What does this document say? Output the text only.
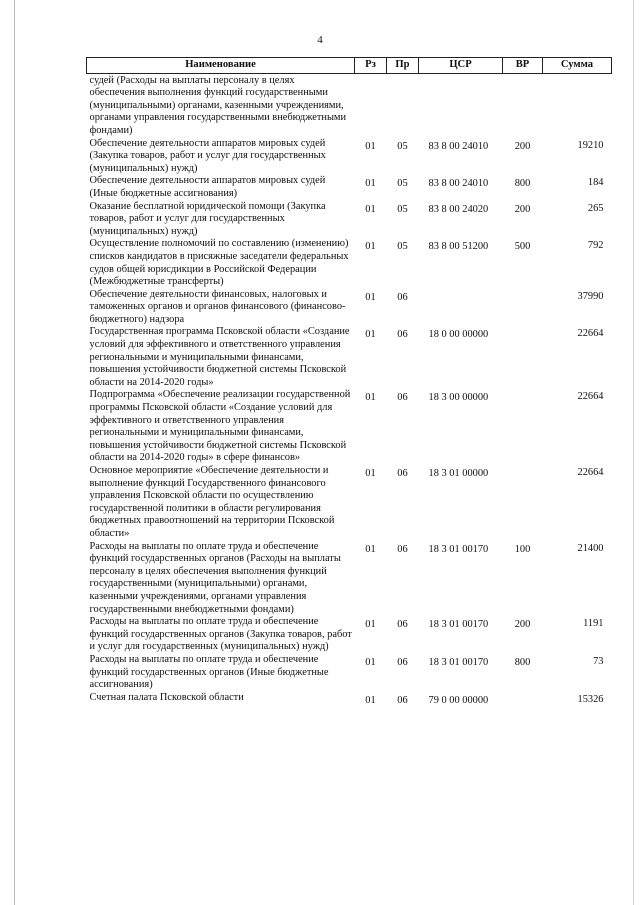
4
Наименование	Рз	Пр	ЦСР	ВР	Сумма
судей (Расходы на выплаты персоналу в целях обеспечения выполнения функций государственными (муниципальными) органами, казенными учреждениями, органами управления государственными внебюджетными фондами)					
Обеспечение деятельности аппаратов мировых судей (Закупка товаров, работ и услуг для государственных (муниципальных) нужд)	01	05	83 8 00 24010	200	19210
Обеспечение деятельности аппаратов мировых судей (Иные бюджетные ассигнования)	01	05	83 8 00 24010	800	184
Оказание бесплатной юридической помощи (Закупка товаров, работ и услуг для государственных (муниципальных) нужд)	01	05	83 8 00 24020	200	265
Осуществление полномочий по составлению (изменению) списков кандидатов в присяжные заседатели федеральных судов общей юрисдикции в Российской Федерации (Межбюджетные трансферты)	01	05	83 8 00 51200	500	792
Обеспечение деятельности финансовых, налоговых и таможенных органов и органов финансового (финансово-бюджетного) надзора	01	06			37990
Государственная программа Псковской области «Создание условий для эффективного и ответственного управления региональными и муниципальными финансами, повышения устойчивости бюджетной системы Псковской области на 2014-2020 годы»	01	06	18 0 00 00000		22664
Подпрограмма «Обеспечение реализации государственной программы Псковской области «Создание условий для эффективного и ответственного управления региональными и муниципальными финансами, повышения устойчивости бюджетной системы Псковской области на 2014-2020 годы» в сфере финансов»	01	06	18 3 00 00000		22664
Основное мероприятие «Обеспечение деятельности и выполнение функций Государственного финансового управления Псковской области по осуществлению государственной политики в области регулирования бюджетных правоотношений на территории Псковской области»	01	06	18 3 01 00000		22664
Расходы на выплаты по оплате труда и обеспечение функций государственных органов (Расходы на выплаты персоналу в целях обеспечения выполнения функций государственными (муниципальными) органами, казенными учреждениями, органами управления государственными внебюджетными фондами)	01	06	18 3 01 00170	100	21400
Расходы на выплаты по оплате труда и обеспечение функций государственных органов (Закупка товаров, работ и услуг для государственных (муниципальных) нужд)	01	06	18 3 01 00170	200	1191
Расходы на выплаты по оплате труда и обеспечение функций государственных органов (Иные бюджетные ассигнования)	01	06	18 3 01 00170	800	73
Счетная палата Псковской области	01	06	79 0 00 00000		15326
